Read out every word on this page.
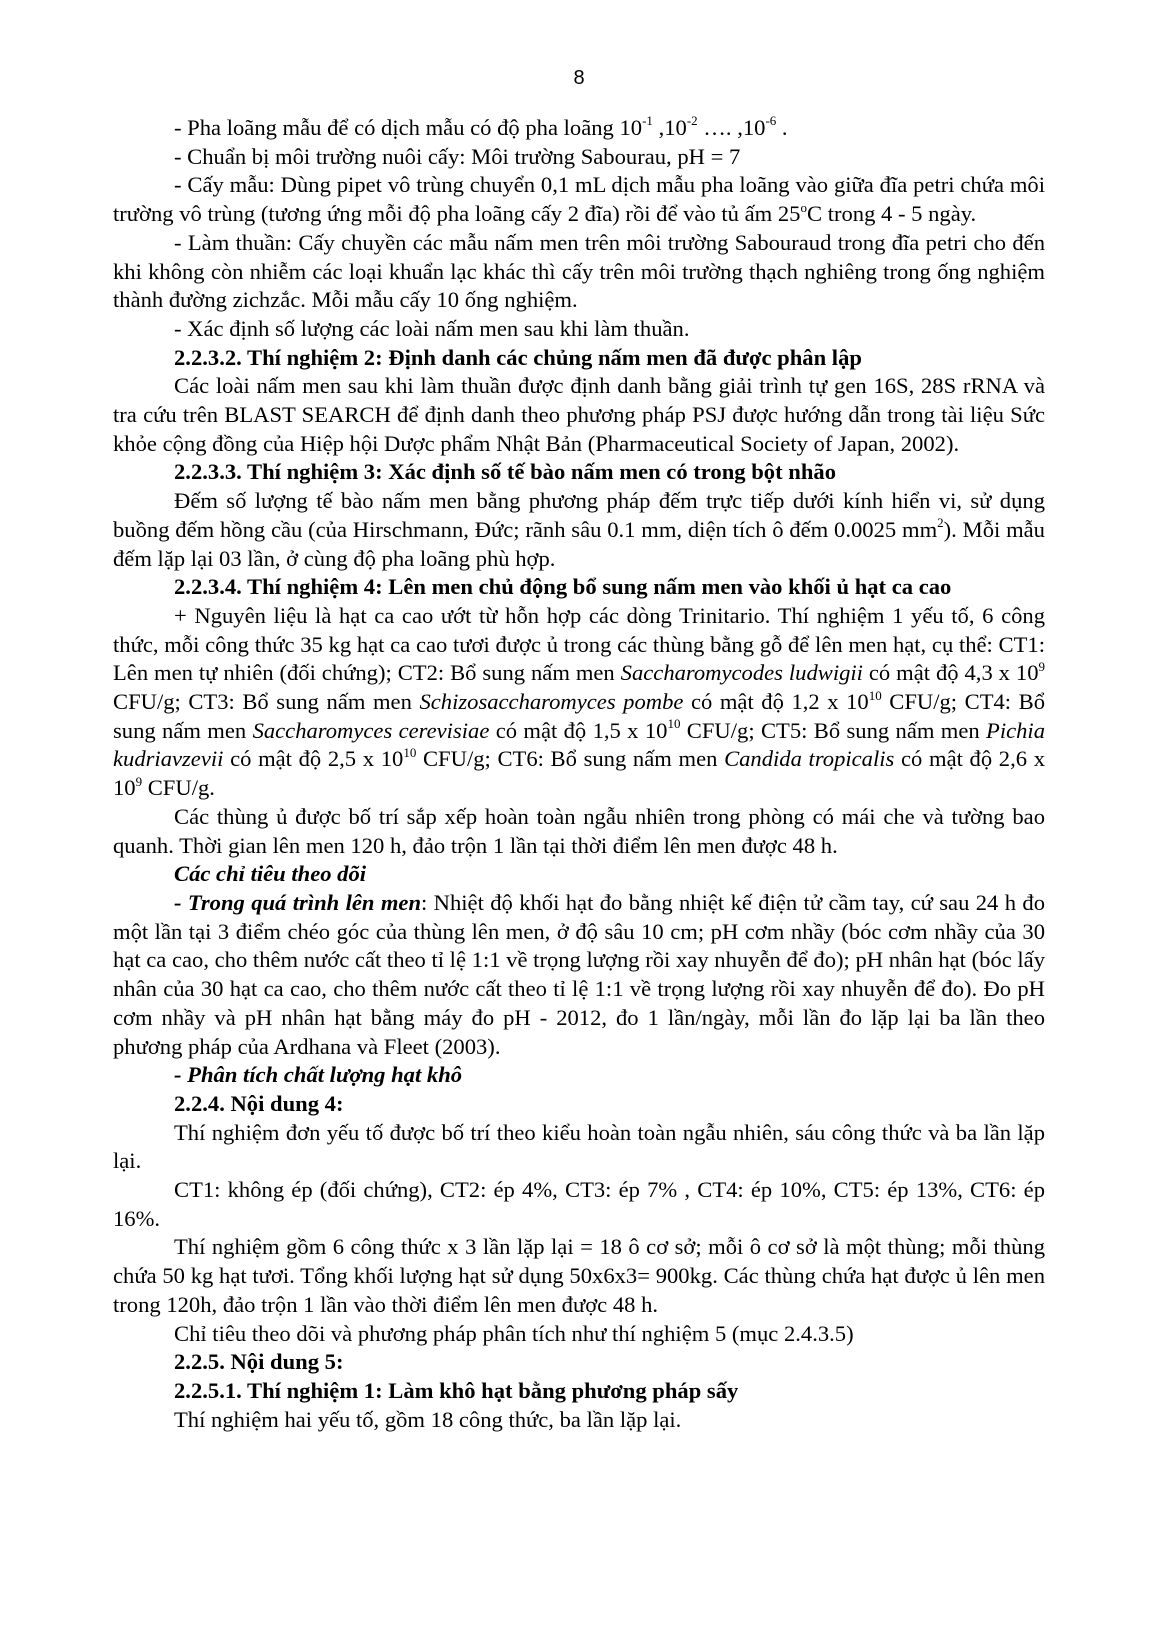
8

- Pha loãng mẫu để có dịch mẫu có độ pha loãng $10^{-1}$ $,10^{-2}$ …. $,10^{-6}$ .

- Chuẩn bị môi trường nuôi cấy: Môi trường Sabourau, pH = 7

- Cấy mẫu: Dùng pipet vô trùng chuyển 0,1 mL dịch mẫu pha loãng vào giữa đĩa petri chứa môi trường vô trùng (tương ứng mỗi độ pha loãng cấy 2 đĩa) rồi để vào tủ ấm 25$^o$C trong 4 - 5 ngày.

- Làm thuần: Cấy chuyền các mẫu nấm men trên môi trường Sabouraud trong đĩa petri cho đến khi không còn nhiễm các loại khuẩn lạc khác thì cấy trên môi trường thạch nghiêng trong ống nghiệm thành đường zichzắc. Mỗi mẫu cấy 10 ống nghiệm.

- Xác định số lượng các loài nấm men sau khi làm thuần.

2.2.3.2. Thí nghiệm 2: Định danh các chủng nấm men đã được phân lập

Các loài nấm men sau khi làm thuần được định danh bằng giải trình tự gen 16S, 28S rRNA và tra cứu trên BLAST SEARCH để định danh theo phương pháp PSJ được hướng dẫn trong tài liệu Sức khỏe cộng đồng của Hiệp hội Dược phẩm Nhật Bản (Pharmaceutical Society of Japan, 2002).

2.2.3.3. Thí nghiệm 3: Xác định số tế bào nấm men có trong bột nhão

Đếm số lượng tế bào nấm men bằng phương pháp đếm trực tiếp dưới kính hiển vi, sử dụng buồng đếm hồng cầu (của Hirschmann, Đức; rãnh sâu 0.1 mm, diện tích ô đếm 0.0025 $mm^2$). Mỗi mẫu đếm lặp lại 03 lần, ở cùng độ pha loãng phù hợp.

2.2.3.4. Thí nghiệm 4: Lên men chủ động bổ sung nấm men vào khối ủ hạt ca cao

+ Nguyên liệu là hạt ca cao ướt từ hỗn hợp các dòng Trinitario. Thí nghiệm 1 yếu tố, 6 công thức, mỗi công thức 35 kg hạt ca cao tươi được ủ trong các thùng bằng gỗ để lên men hạt, cụ thể: CT1: Lên men tự nhiên (đối chứng); CT2: Bổ sung nấm men Saccharomycodes ludwigii có mật độ 4,3 x $10^9$ CFU/g; CT3: Bổ sung nấm men Schizosaccharomyces pombe có mật độ 1,2 x $10^{10}$ CFU/g; CT4: Bổ sung nấm men Saccharomyces cerevisiae có mật độ 1,5 x $10^{10}$ CFU/g; CT5: Bổ sung nấm men Pichia kudriavzevii có mật độ 2,5 x $10^{10}$ CFU/g; CT6: Bổ sung nấm men Candida tropicalis có mật độ 2,6 x $10^9$ CFU/g.

Các thùng ủ được bố trí sắp xếp hoàn toàn ngẫu nhiên trong phòng có mái che và tường bao quanh. Thời gian lên men 120 h, đảo trộn 1 lần tại thời điểm lên men được 48 h.

Các chỉ tiêu theo dõi

- Trong quá trình lên men: Nhiệt độ khối hạt đo bằng nhiệt kế điện tử cầm tay, cứ sau 24 h đo một lần tại 3 điểm chéo góc của thùng lên men, ở độ sâu 10 cm; pH cơm nhầy (bóc cơm nhầy của 30 hạt ca cao, cho thêm nước cất theo tỉ lệ 1:1 về trọng lượng rồi xay nhuyễn để đo); pH nhân hạt (bóc lấy nhân của 30 hạt ca cao, cho thêm nước cất theo tỉ lệ 1:1 về trọng lượng rồi xay nhuyễn để đo). Đo pH cơm nhầy và pH nhân hạt bằng máy đo pH - 2012, đo 1 lần/ngày, mỗi lần đo lặp lại ba lần theo phương pháp của Ardhana và Fleet (2003).

- Phân tích chất lượng hạt khô

2.2.4. Nội dung 4:

Thí nghiệm đơn yếu tố được bố trí theo kiểu hoàn toàn ngẫu nhiên, sáu công thức và ba lần lặp lại.

CT1: không ép (đối chứng), CT2: ép 4%, CT3: ép 7% , CT4: ép 10%, CT5: ép 13%, CT6: ép 16%.

Thí nghiệm gồm 6 công thức x 3 lần lặp lại = 18 ô cơ sở; mỗi ô cơ sở là một thùng; mỗi thùng chứa 50 kg hạt tươi. Tổng khối lượng hạt sử dụng 50x6x3= 900kg. Các thùng chứa hạt được ủ lên men trong 120h, đảo trộn 1 lần vào thời điểm lên men được 48 h.

Chỉ tiêu theo dõi và phương pháp phân tích như thí nghiệm 5 (mục 2.4.3.5)

2.2.5. Nội dung 5:

2.2.5.1. Thí nghiệm 1: Làm khô hạt bằng phương pháp sấy

Thí nghiệm hai yếu tố, gồm 18 công thức, ba lần lặp lại.
